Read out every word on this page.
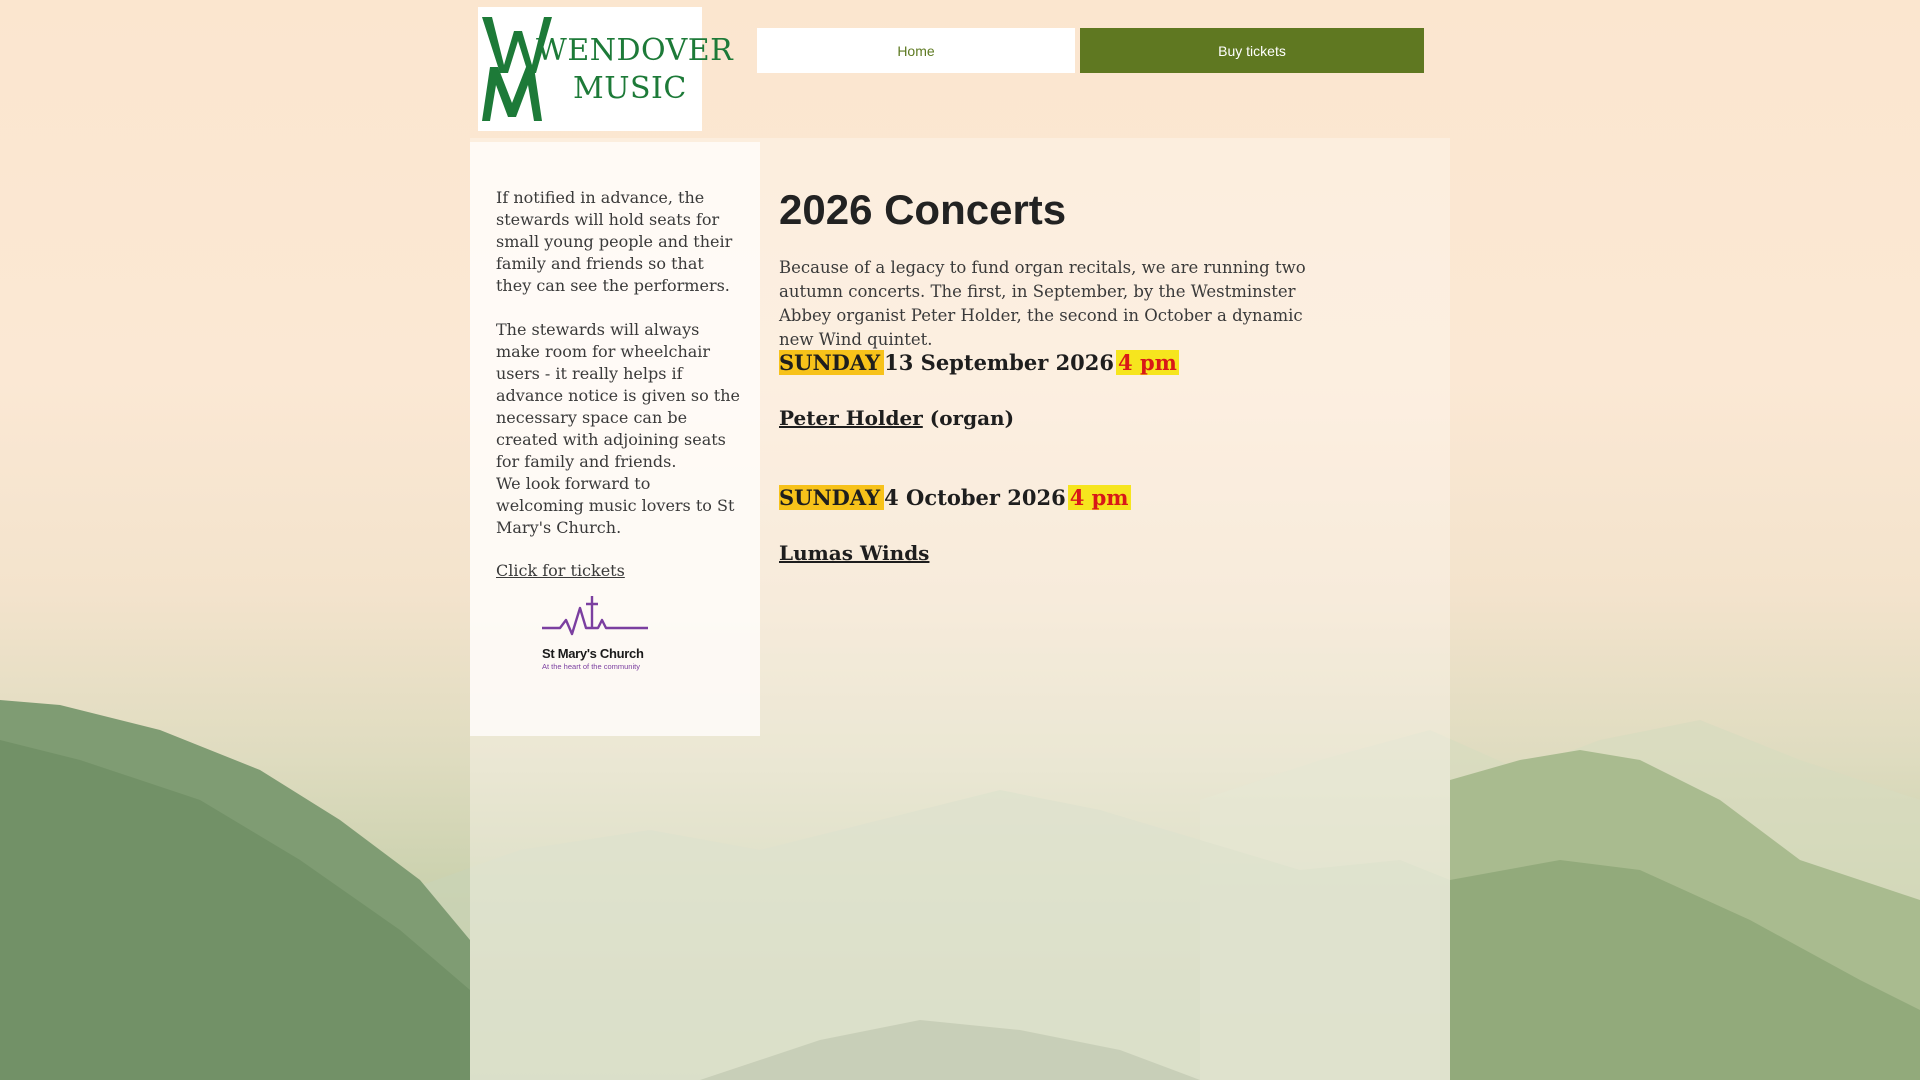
WENDOVER
MUSIC
Home	Buy tickets

If notified in advance, the stewards will hold seats for small young people and their family and friends so that they can see the performers.

The stewards will always make room for wheelchair users - it really helps if advance notice is given so the necessary space can be created with adjoining seats for family and friends.

We look forward to welcoming music lovers to St Mary's Church.

Click for tickets
St Mary's Church
At the heart of the community
2026 Concerts

Because of a legacy to fund organ recitals, we are running two autumn concerts. The first, in September, by the Westminster Abbey organist Peter Holder, the second in October a dynamic new Wind quintet.

SUNDAY 13 September 2026 4 pm
Peter Holder (organ)
SUNDAY 4 October 2026 4 pm
Lumas Winds
